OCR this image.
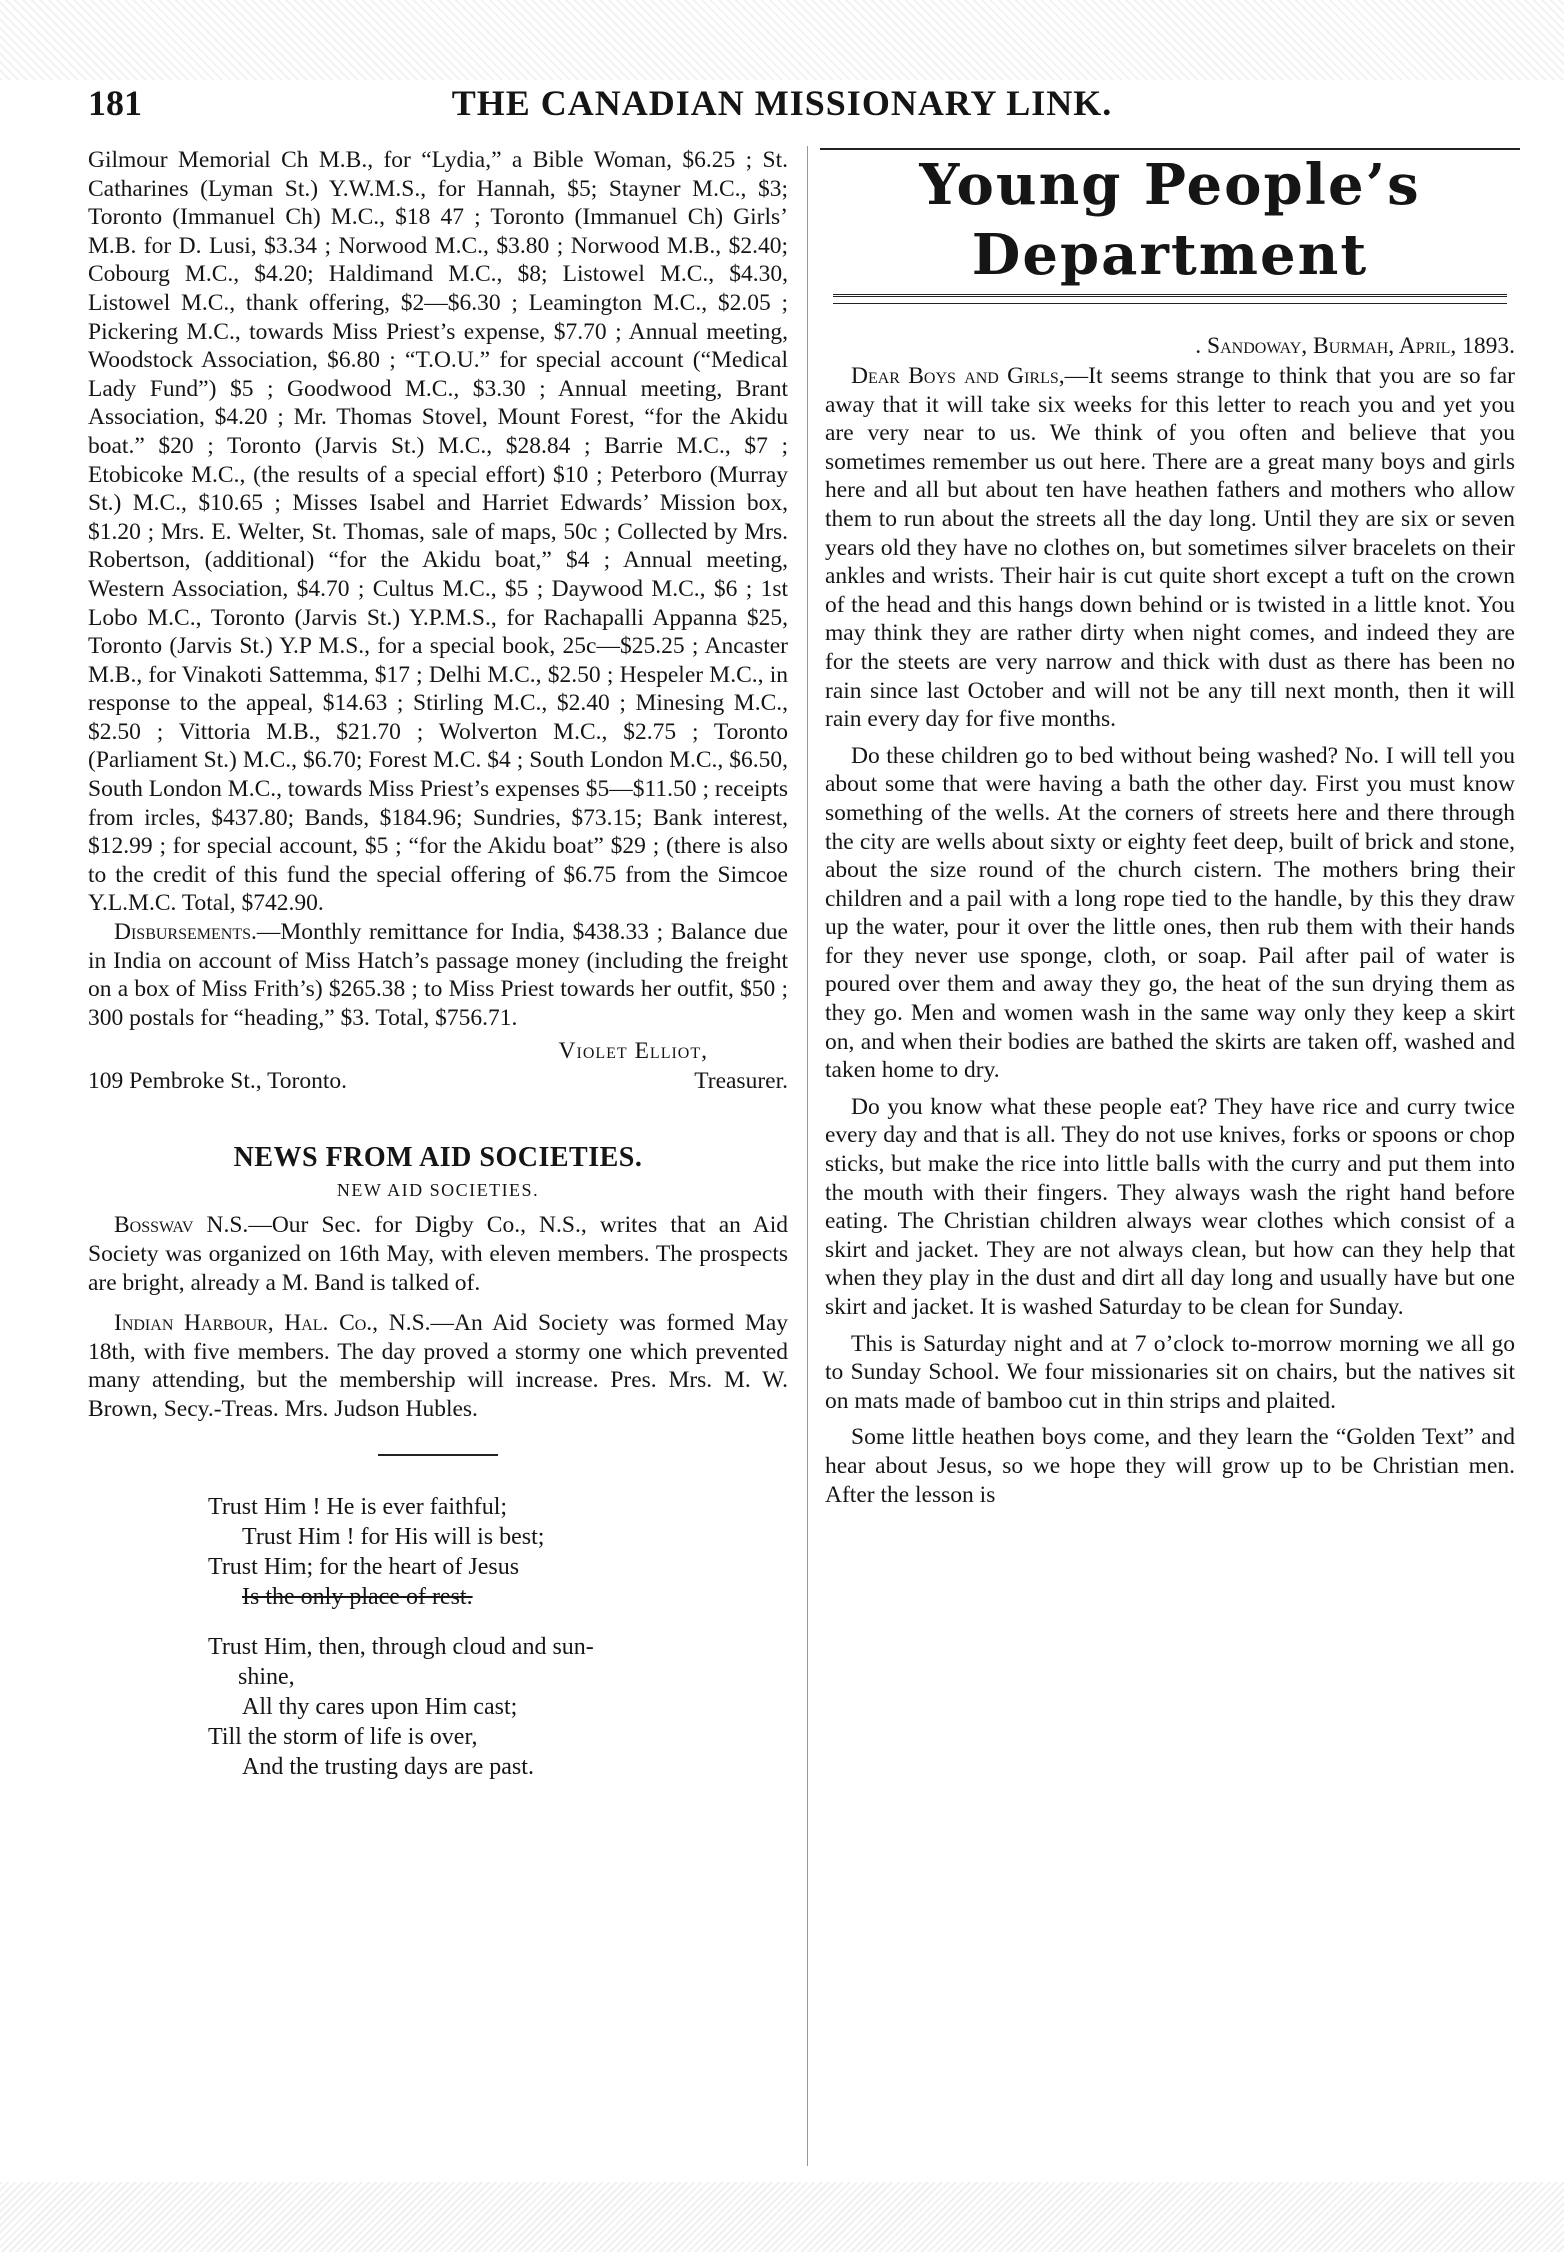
181	THE CANADIAN MISSIONARY LINK.

Gilmour Memorial Ch M.B., for “Lydia,” a Bible Woman, $6.25 ; St. Catharines (Lyman St.) Y.W.M.S., for Hannah, $5; Stayner M.C., $3; Toronto (Immanuel Ch) M.C., $18 47 ; Toronto (Immanuel Ch) Girls’ M.B. for D. Lusi, $3.34 ; Norwood M.C., $3.80 ; Norwood M.B., $2.40; Cobourg M.C., $4.20; Haldimand M.C., $8; Listowel M.C., $4.30, Listowel M.C., thank offering, $2—$6.30 ; Leamington M.C., $2.05 ; Pickering M.C., towards Miss Priest’s expense, $7.70 ; Annual meeting, Woodstock Association, $6.80 ; “T.O.U.” for special account (“Medical Lady Fund”) $5 ; Goodwood M.C., $3.30 ; Annual meeting, Brant Association, $4.20 ; Mr. Thomas Stovel, Mount Forest, “for the Akidu boat.” $20 ; Toronto (Jarvis St.) M.C., $28.84 ; Barrie M.C., $7 ; Etobicoke M.C., (the results of a special effort) $10 ; Peterboro (Murray St.) M.C., $10.65 ; Misses Isabel and Harriet Edwards’ Mission box, $1.20 ; Mrs. E. Welter, St. Thomas, sale of maps, 50c ; Collected by Mrs. Robertson, (additional) “for the Akidu boat,” $4 ; Annual meeting, Western Association, $4.70 ; Cultus M.C., $5 ; Daywood M.C., $6 ; 1st Lobo M.C., Toronto (Jarvis St.) Y.P.M.S., for Rachapalli Appanna $25, Toronto (Jarvis St.) Y.P M.S., for a special book, 25c—$25.25 ; Ancaster M.B., for Vinakoti Sattemma, $17 ; Delhi M.C., $2.50 ; Hespeler M.C., in response to the appeal, $14.63 ; Stirling M.C., $2.40 ; Minesing M.C., $2.50 ; Vittoria M.B., $21.70 ; Wolverton M.C., $2.75 ; Toronto (Parliament St.) M.C., $6.70; Forest M.C. $4 ; South London M.C., $6.50, South London M.C., towards Miss Priest’s expenses $5—$11.50 ; receipts from ircles, $437.80; Bands, $184.96; Sundries, $73.15; Bank interest, $12.99 ; for special account, $5 ; “for the Akidu boat” $29 ; (there is also to the credit of this fund the special offering of $6.75 from the Simcoe Y.L.M.C. Total, $742.90.

Disbursements.—Monthly remittance for India, $438.33 ; Balance due in India on account of Miss Hatch’s passage money (including the freight on a box of Miss Frith’s) $265.38 ; to Miss Priest towards her outfit, $50 ; 300 postals for “heading,” $3. Total, $756.71.

Violet Elliot,
109 Pembroke St., Toronto.	Treasurer.
NEWS FROM AID SOCIETIES.
NEW AID SOCIETIES.

Bosswav N.S.—Our Sec. for Digby Co., N.S., writes that an Aid Society was organized on 16th May, with eleven members. The prospects are bright, already a M. Band is talked of.

Indian Harbour, Hal. Co., N.S.—An Aid Society was formed May 18th, with five members. The day proved a stormy one which prevented many attending, but the membership will increase. Pres. Mrs. M. W. Brown, Secy.-Treas. Mrs. Judson Hubles.

Trust Him ! He is ever faithful;
Trust Him ! for His will is best;
Trust Him; for the heart of Jesus
Is the only place of rest.
Trust Him, then, through cloud and sun-
shine,
All thy cares upon Him cast;
Till the storm of life is over,
And the trusting days are past.
Young People’s Department
. Sandoway, Burmah, April, 1893.

Dear Boys and Girls,—It seems strange to think that you are so far away that it will take six weeks for this letter to reach you and yet you are very near to us. We think of you often and believe that you sometimes remember us out here. There are a great many boys and girls here and all but about ten have heathen fathers and mothers who allow them to run about the streets all the day long. Until they are six or seven years old they have no clothes on, but sometimes silver bracelets on their ankles and wrists. Their hair is cut quite short except a tuft on the crown of the head and this hangs down behind or is twisted in a little knot. You may think they are rather dirty when night comes, and indeed they are for the steets are very narrow and thick with dust as there has been no rain since last October and will not be any till next month, then it will rain every day for five months.

Do these children go to bed without being washed? No. I will tell you about some that were having a bath the other day. First you must know something of the wells. At the corners of streets here and there through the city are wells about sixty or eighty feet deep, built of brick and stone, about the size round of the church cistern. The mothers bring their children and a pail with a long rope tied to the handle, by this they draw up the water, pour it over the little ones, then rub them with their hands for they never use sponge, cloth, or soap. Pail after pail of water is poured over them and away they go, the heat of the sun drying them as they go. Men and women wash in the same way only they keep a skirt on, and when their bodies are bathed the skirts are taken off, washed and taken home to dry.

Do you know what these people eat? They have rice and curry twice every day and that is all. They do not use knives, forks or spoons or chop sticks, but make the rice into little balls with the curry and put them into the mouth with their fingers. They always wash the right hand before eating. The Christian children always wear clothes which consist of a skirt and jacket. They are not always clean, but how can they help that when they play in the dust and dirt all day long and usually have but one skirt and jacket. It is washed Saturday to be clean for Sunday.

This is Saturday night and at 7 o’clock to-morrow morning we all go to Sunday School. We four missionaries sit on chairs, but the natives sit on mats made of bamboo cut in thin strips and plaited.

Some little heathen boys come, and they learn the “Golden Text” and hear about Jesus, so we hope they will grow up to be Christian men. After the lesson is
